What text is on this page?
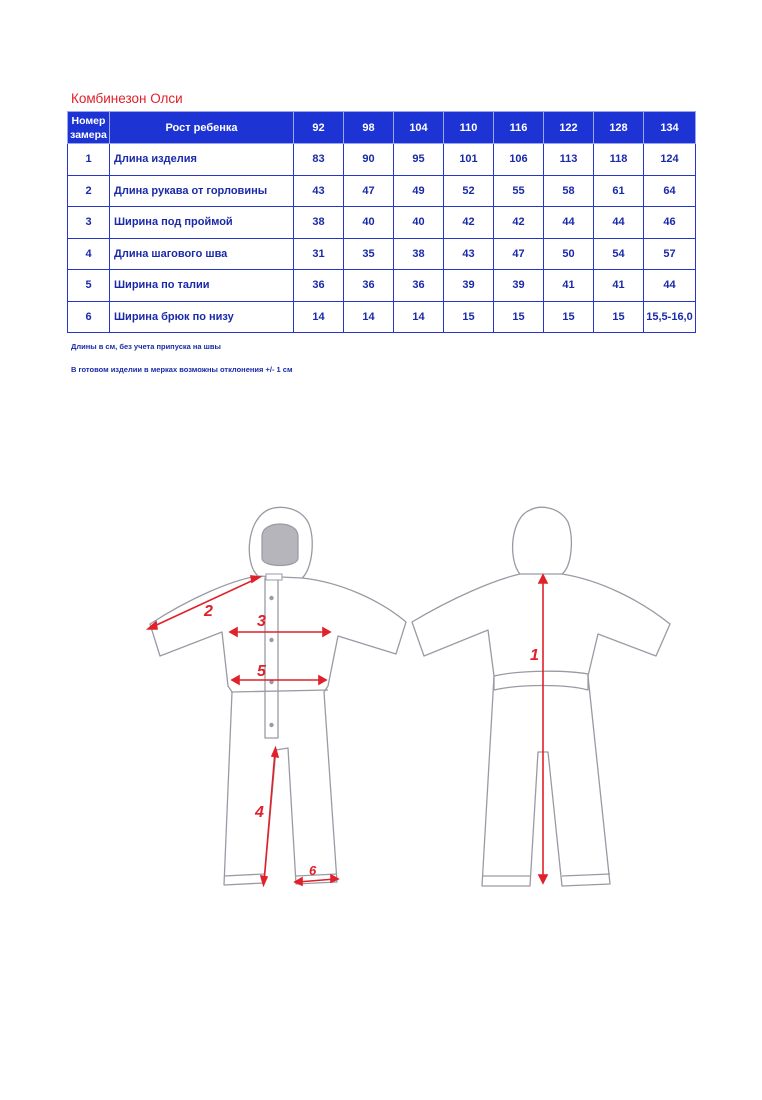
Комбинезон Олси
Номер замера	Рост ребенка	92	98	104	110	116	122	128	134
1	Длина изделия	83	90	95	101	106	113	118	124
2	Длина рукава от горловины	43	47	49	52	55	58	61	64
3	Ширина под проймой	38	40	40	42	42	44	44	46
4	Длина шагового шва	31	35	38	43	47	50	54	57
5	Ширина по талии	36	36	36	39	39	41	41	44
6	Ширина брюк по низу	14	14	14	15	15	15	15	15,5-16,0
Длины в см, без учета припуска на швы
В готовом изделии в мерках возможны отклонения +/- 1 см
2
3
5
4
6
1
